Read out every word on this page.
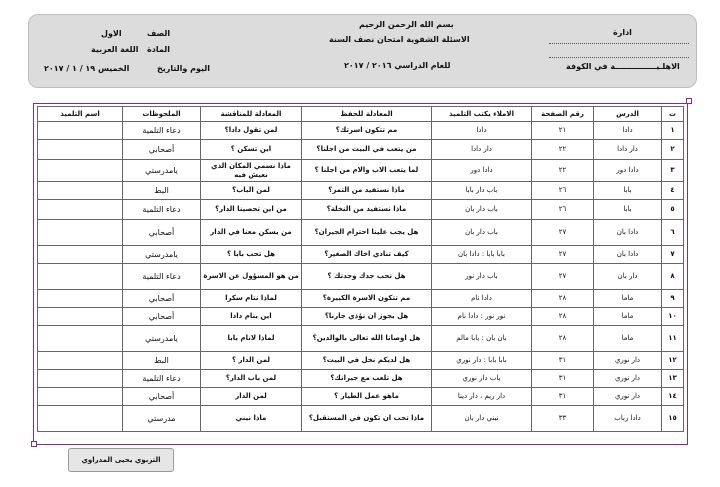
بسم الله الرحمن الرحيم
الاسئلة الشفوية امتحان نصف السنة
للعام الدراسي ٢٠١٦ / ٢٠١٧
ادارة
الاهلـيـــــــــــــــة في الكوفة
الصف
الاول
المادة
اللغة العربية
اليوم والتاريخ
الخميس ١٩ / ١ / ٢٠١٧
ت	الدرس	رقم الصفحة	الاملاء يكتب التلميذ	المعادلة للحفظ	المعادلة للمناقشة	الملحوظات	اسم التلميذ
١	دادا	٢١	دادا	مم تتكون اسرتك؟	لمن تقول دادا؟	دعاء التلمية	
٢	دار دادا	٢٢	دار دادا	من يتعب في البيت من اجلنا؟	اين تسكن ؟	أصحابي	
٣	دادا دور	٢٢	دادا دور	لما يتعب الاب والام من اجلنا ؟	ماذا نسمي المكان الذي نعيش فيه	يامدرستي	
٤	بابا	٢٦	باب دار بابا	ماذا نستفيد من التمر؟	لمن الباب؟	البط	
٥	بابا	٢٦	باب دار بان	ماذا نستفيد من النخلة؟	من اين تحصينا الدار؟	دعاء التلمية	
٦	دادا بان	٢٧	باب دار بان	هل يجب علينا احترام الجيران؟	من يسكن معنا في الدار	أصحابي	
٧	دادا بان	٢٧	بابا بابا : دادا بان	كيف تنادي اخاك الصغير؟	هل تحب بابا ؟	يامدرستي	
٨	دار بان	٢٧	باب دار نور	هل تحب جدك وجدتك ؟	من هو المسؤول عن الاسرة	دعاء التلمية	
٩	ماما	٢٨	دادا نام	مم تتكون الاسرة الكبيرة؟	لماذا نتام سكرا	أصحابي	
١٠	ماما	٢٨	نور نور : دادا نام	هل يجوز ان نؤذي جارنا؟	اين ينام دادا	أصحابي	
١١	ماما	٢٨	بان بان : بابا مالم	هل اوصانا الله تعالى بالوالدين؟	لماذا لانام بابا	يامدرستي	
١٢	دار نوري	٣١	بابا بابا : دار نوري	هل لديكم نخل في البيت؟	لمن الدار ؟	البط	
١٣	دار نوري	٣١	باب دار نوري	هل تلعب مع جيرانك؟	لمن باب الدار؟	دعاء التلمية	
١٤	دار نوري	٣١	دار ريم ، دار دينا	ماهو عمل الطيار ؟	لمن الدار	أصحابي	
١٥	دادا رباب	٣٣	نيني دار بان	ماذا تحب ان تكون في المستقبل؟	ماذا نيني	مدرستي	
التربوي يحيى المدراوي
